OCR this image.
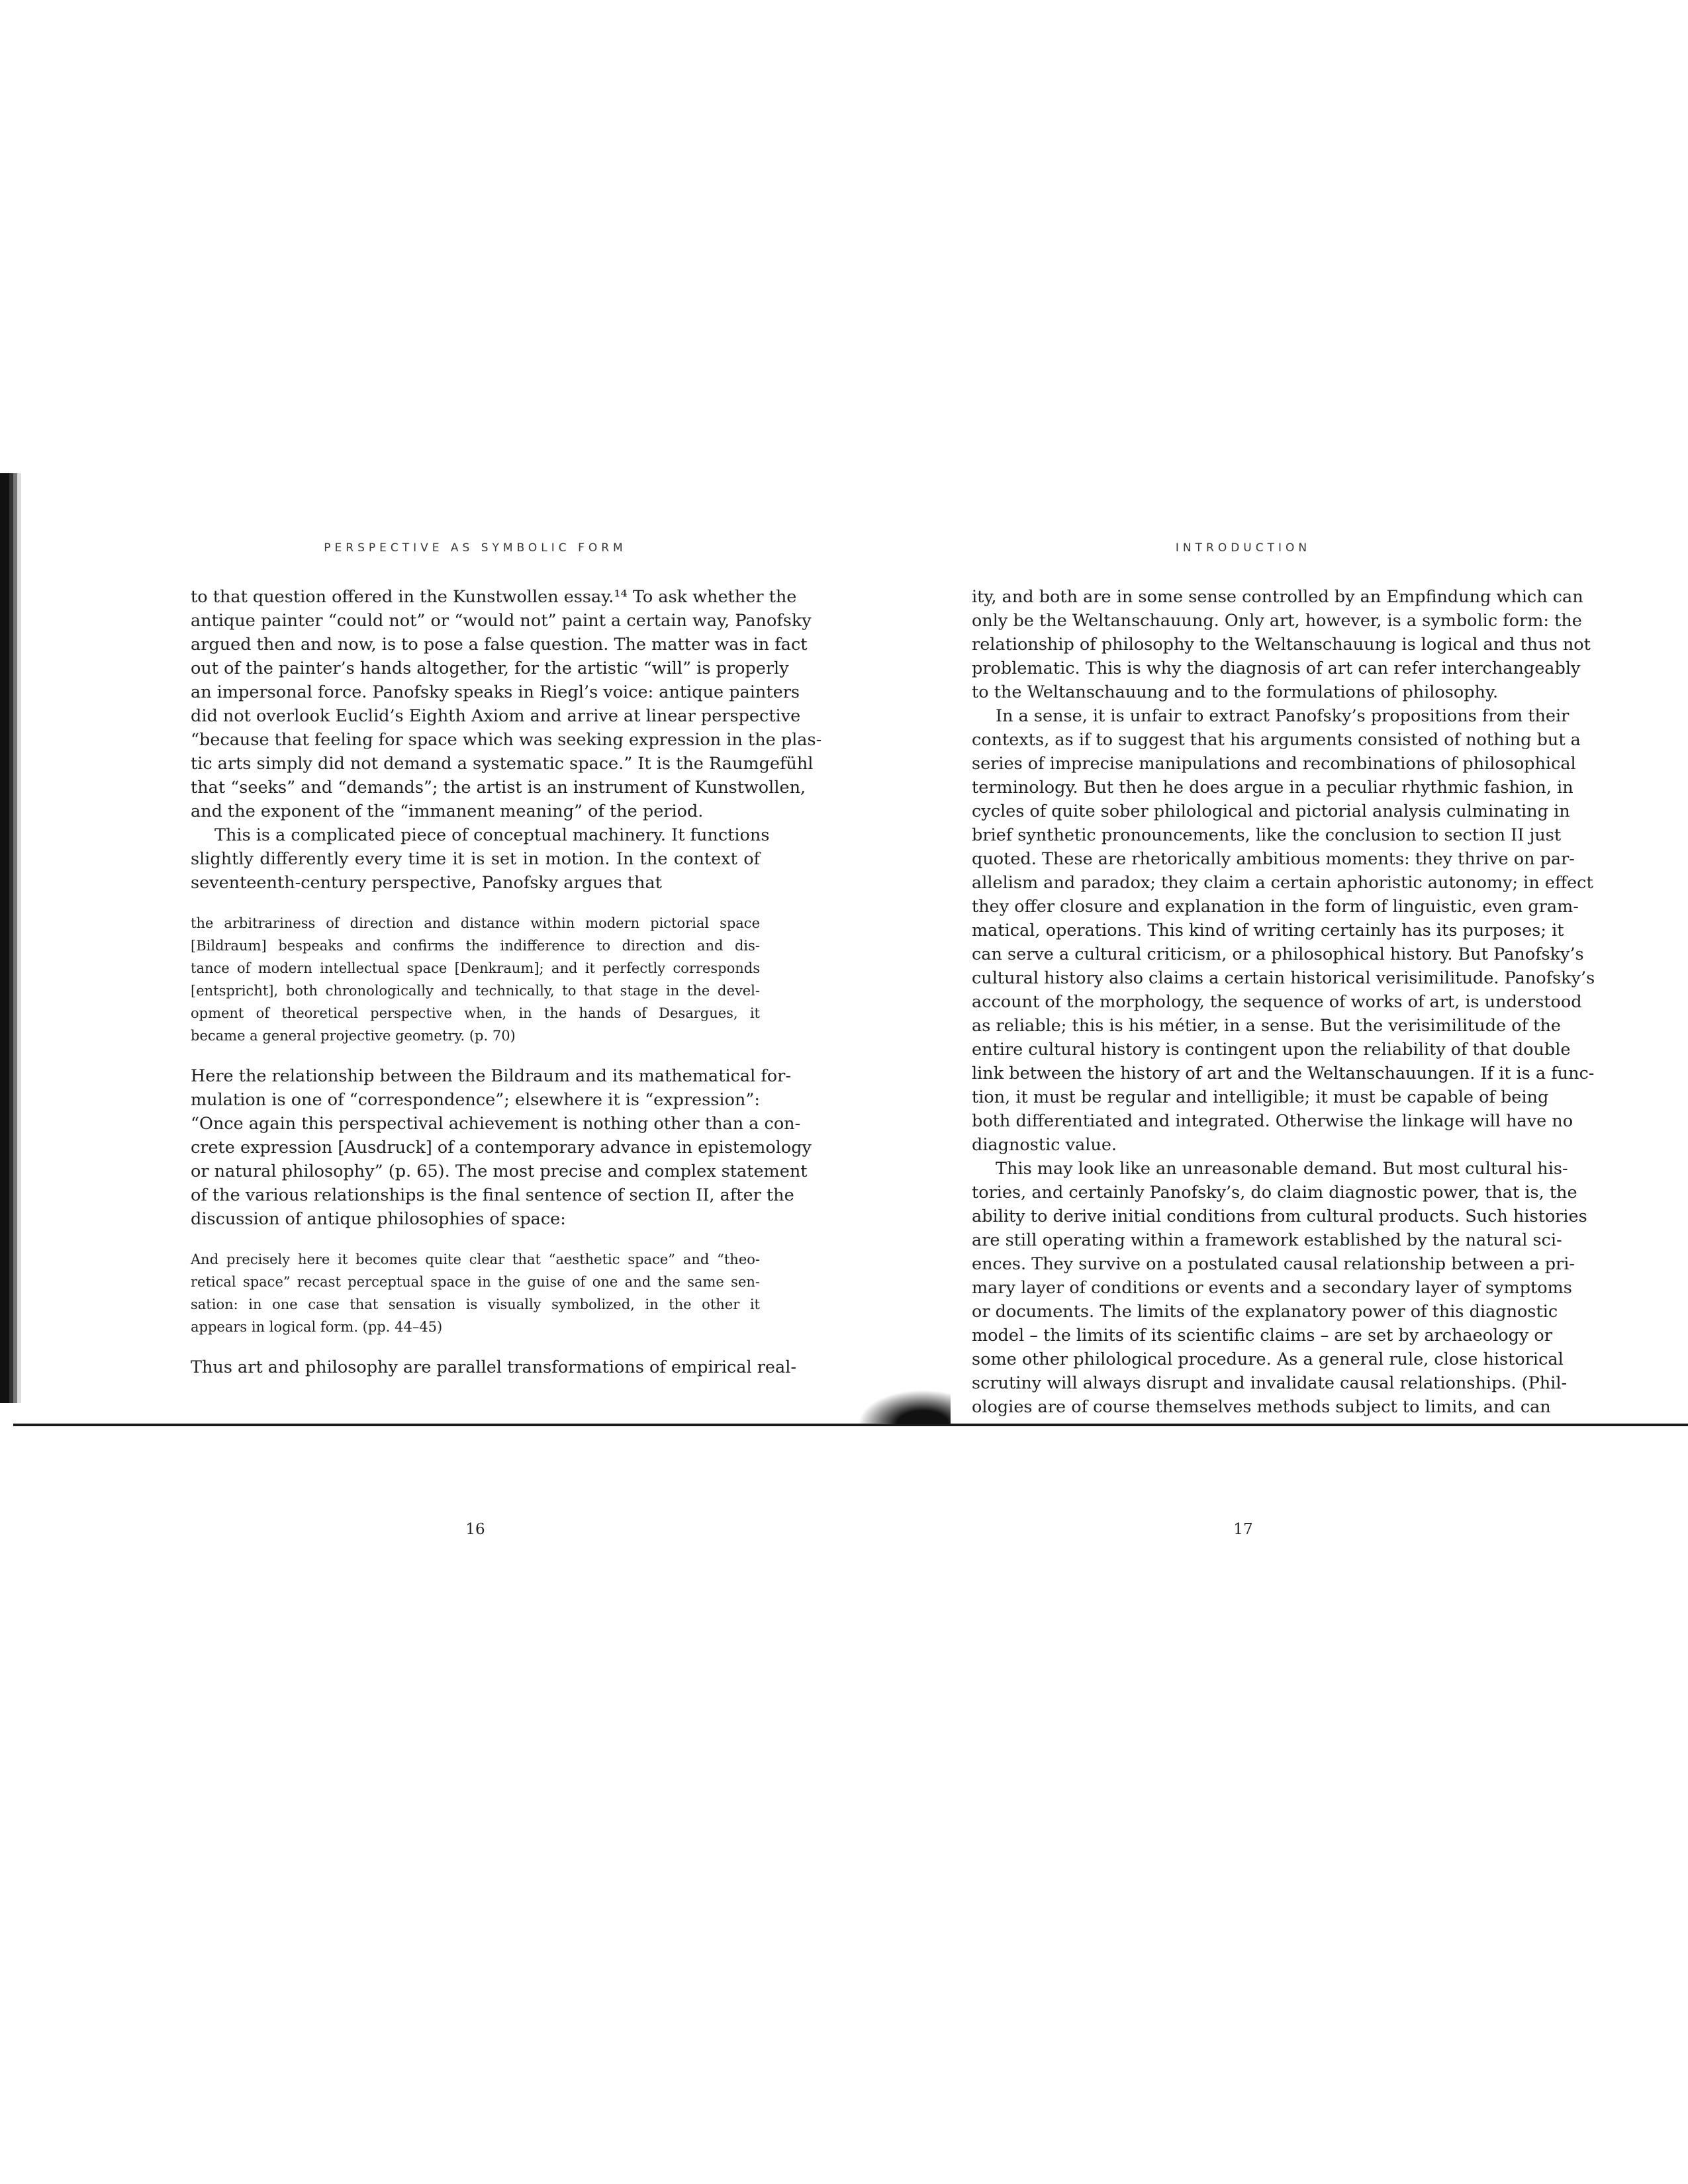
PERSPECTIVE AS SYMBOLIC FORM
to that question offered in the Kunstwollen essay.¹⁴ To ask whether the
antique painter “could not” or “would not” paint a certain way, Panofsky
argued then and now, is to pose a false question. The matter was in fact
out of the painter’s hands altogether, for the artistic “will” is properly
an impersonal force. Panofsky speaks in Riegl’s voice: antique painters
did not overlook Euclid’s Eighth Axiom and arrive at linear perspective
“because that feeling for space which was seeking expression in the plas-
tic arts simply did not demand a systematic space.” It is the Raumgefühl
that “seeks” and “demands”; the artist is an instrument of Kunstwollen,
and the exponent of the “immanent meaning” of the period.
This is a complicated piece of conceptual machinery. It functions
slightly differently every time it is set in motion. In the context of
seventeenth-century perspective, Panofsky argues that
the arbitrariness of direction and distance within modern pictorial space
[Bildraum] bespeaks and confirms the indifference to direction and dis-
tance of modern intellectual space [Denkraum]; and it perfectly corresponds
[entspricht], both chronologically and technically, to that stage in the devel-
opment of theoretical perspective when, in the hands of Desargues, it
became a general projective geometry. (p. 70)
Here the relationship between the Bildraum and its mathematical for-
mulation is one of “correspondence”; elsewhere it is “expression”:
“Once again this perspectival achievement is nothing other than a con-
crete expression [Ausdruck] of a contemporary advance in epistemology
or natural philosophy” (p. 65). The most precise and complex statement
of the various relationships is the final sentence of section II, after the
discussion of antique philosophies of space:
And precisely here it becomes quite clear that “aesthetic space” and “theo-
retical space” recast perceptual space in the guise of one and the same sen-
sation: in one case that sensation is visually symbolized, in the other it
appears in logical form. (pp. 44–45)
Thus art and philosophy are parallel transformations of empirical real-
16
INTRODUCTION
ity, and both are in some sense controlled by an Empfindung which can
only be the Weltanschauung. Only art, however, is a symbolic form: the
relationship of philosophy to the Weltanschauung is logical and thus not
problematic. This is why the diagnosis of art can refer interchangeably
to the Weltanschauung and to the formulations of philosophy.
In a sense, it is unfair to extract Panofsky’s propositions from their
contexts, as if to suggest that his arguments consisted of nothing but a
series of imprecise manipulations and recombinations of philosophical
terminology. But then he does argue in a peculiar rhythmic fashion, in
cycles of quite sober philological and pictorial analysis culminating in
brief synthetic pronouncements, like the conclusion to section II just
quoted. These are rhetorically ambitious moments: they thrive on par-
allelism and paradox; they claim a certain aphoristic autonomy; in effect
they offer closure and explanation in the form of linguistic, even gram-
matical, operations. This kind of writing certainly has its purposes; it
can serve a cultural criticism, or a philosophical history. But Panofsky’s
cultural history also claims a certain historical verisimilitude. Panofsky’s
account of the morphology, the sequence of works of art, is understood
as reliable; this is his métier, in a sense. But the verisimilitude of the
entire cultural history is contingent upon the reliability of that double
link between the history of art and the Weltanschauungen. If it is a func-
tion, it must be regular and intelligible; it must be capable of being
both differentiated and integrated. Otherwise the linkage will have no
diagnostic value.
This may look like an unreasonable demand. But most cultural his-
tories, and certainly Panofsky’s, do claim diagnostic power, that is, the
ability to derive initial conditions from cultural products. Such histories
are still operating within a framework established by the natural sci-
ences. They survive on a postulated causal relationship between a pri-
mary layer of conditions or events and a secondary layer of symptoms
or documents. The limits of the explanatory power of this diagnostic
model – the limits of its scientific claims – are set by archaeology or
some other philological procedure. As a general rule, close historical
scrutiny will always disrupt and invalidate causal relationships. (Phil-
ologies are of course themselves methods subject to limits, and can
17
